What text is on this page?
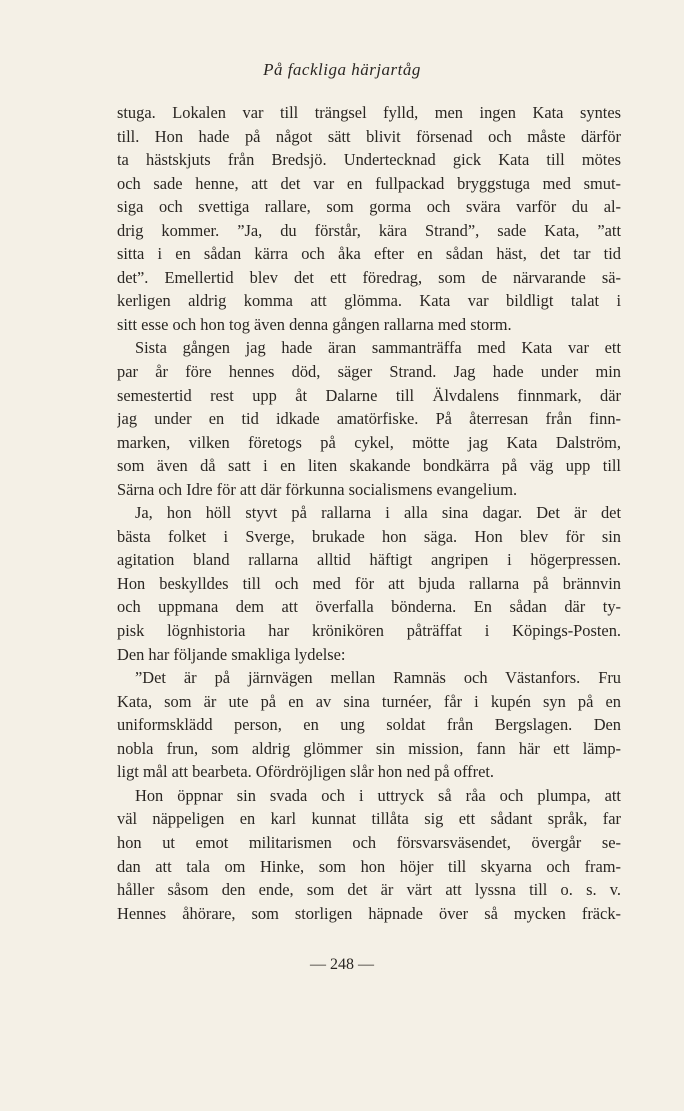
På fackliga härjartåg
stuga. Lokalen var till trängsel fylld, men ingen Kata syntes
till. Hon hade på något sätt blivit försenad och måste därför
ta hästskjuts från Bredsjö. Undertecknad gick Kata till mötes
och sade henne, att det var en fullpackad bryggstuga med smut-
siga och svettiga rallare, som gorma och svära varför du al-
drig kommer. ”Ja, du förstår, kära Strand”, sade Kata, ”att
sitta i en sådan kärra och åka efter en sådan häst, det tar tid
det”. Emellertid blev det ett föredrag, som de närvarande sä-
kerligen aldrig komma att glömma. Kata var bildligt talat i
sitt esse och hon tog även denna gången rallarna med storm.
Sista gången jag hade äran sammanträffa med Kata var ett
par år före hennes död, säger Strand. Jag hade under min
semestertid rest upp åt Dalarne till Älvdalens finnmark, där
jag under en tid idkade amatörfiske. På återresan från finn-
marken, vilken företogs på cykel, mötte jag Kata Dalström,
som även då satt i en liten skakande bondkärra på väg upp till
Särna och Idre för att där förkunna socialismens evangelium.
Ja, hon höll styvt på rallarna i alla sina dagar. Det är det
bästa folket i Sverge, brukade hon säga. Hon blev för sin
agitation bland rallarna alltid häftigt angripen i högerpressen.
Hon beskylldes till och med för att bjuda rallarna på brännvin
och uppmana dem att överfalla bönderna. En sådan där ty-
pisk lögnhistoria har krönikören påträffat i Köpings-Posten.
Den har följande smakliga lydelse:
”Det är på järnvägen mellan Ramnäs och Västanfors. Fru
Kata, som är ute på en av sina turnéer, får i kupén syn på en
uniformsklädd person, en ung soldat från Bergslagen. Den
nobla frun, som aldrig glömmer sin mission, fann här ett lämp-
ligt mål att bearbeta. Ofördröjligen slår hon ned på offret.
Hon öppnar sin svada och i uttryck så råa och plumpa, att
väl näppeligen en karl kunnat tillåta sig ett sådant språk, far
hon ut emot militarismen och försvarsväsendet, övergår se-
dan att tala om Hinke, som hon höjer till skyarna och fram-
håller såsom den ende, som det är värt att lyssna till o. s. v.
Hennes åhörare, som storligen häpnade över så mycken fräck-
— 248 —
